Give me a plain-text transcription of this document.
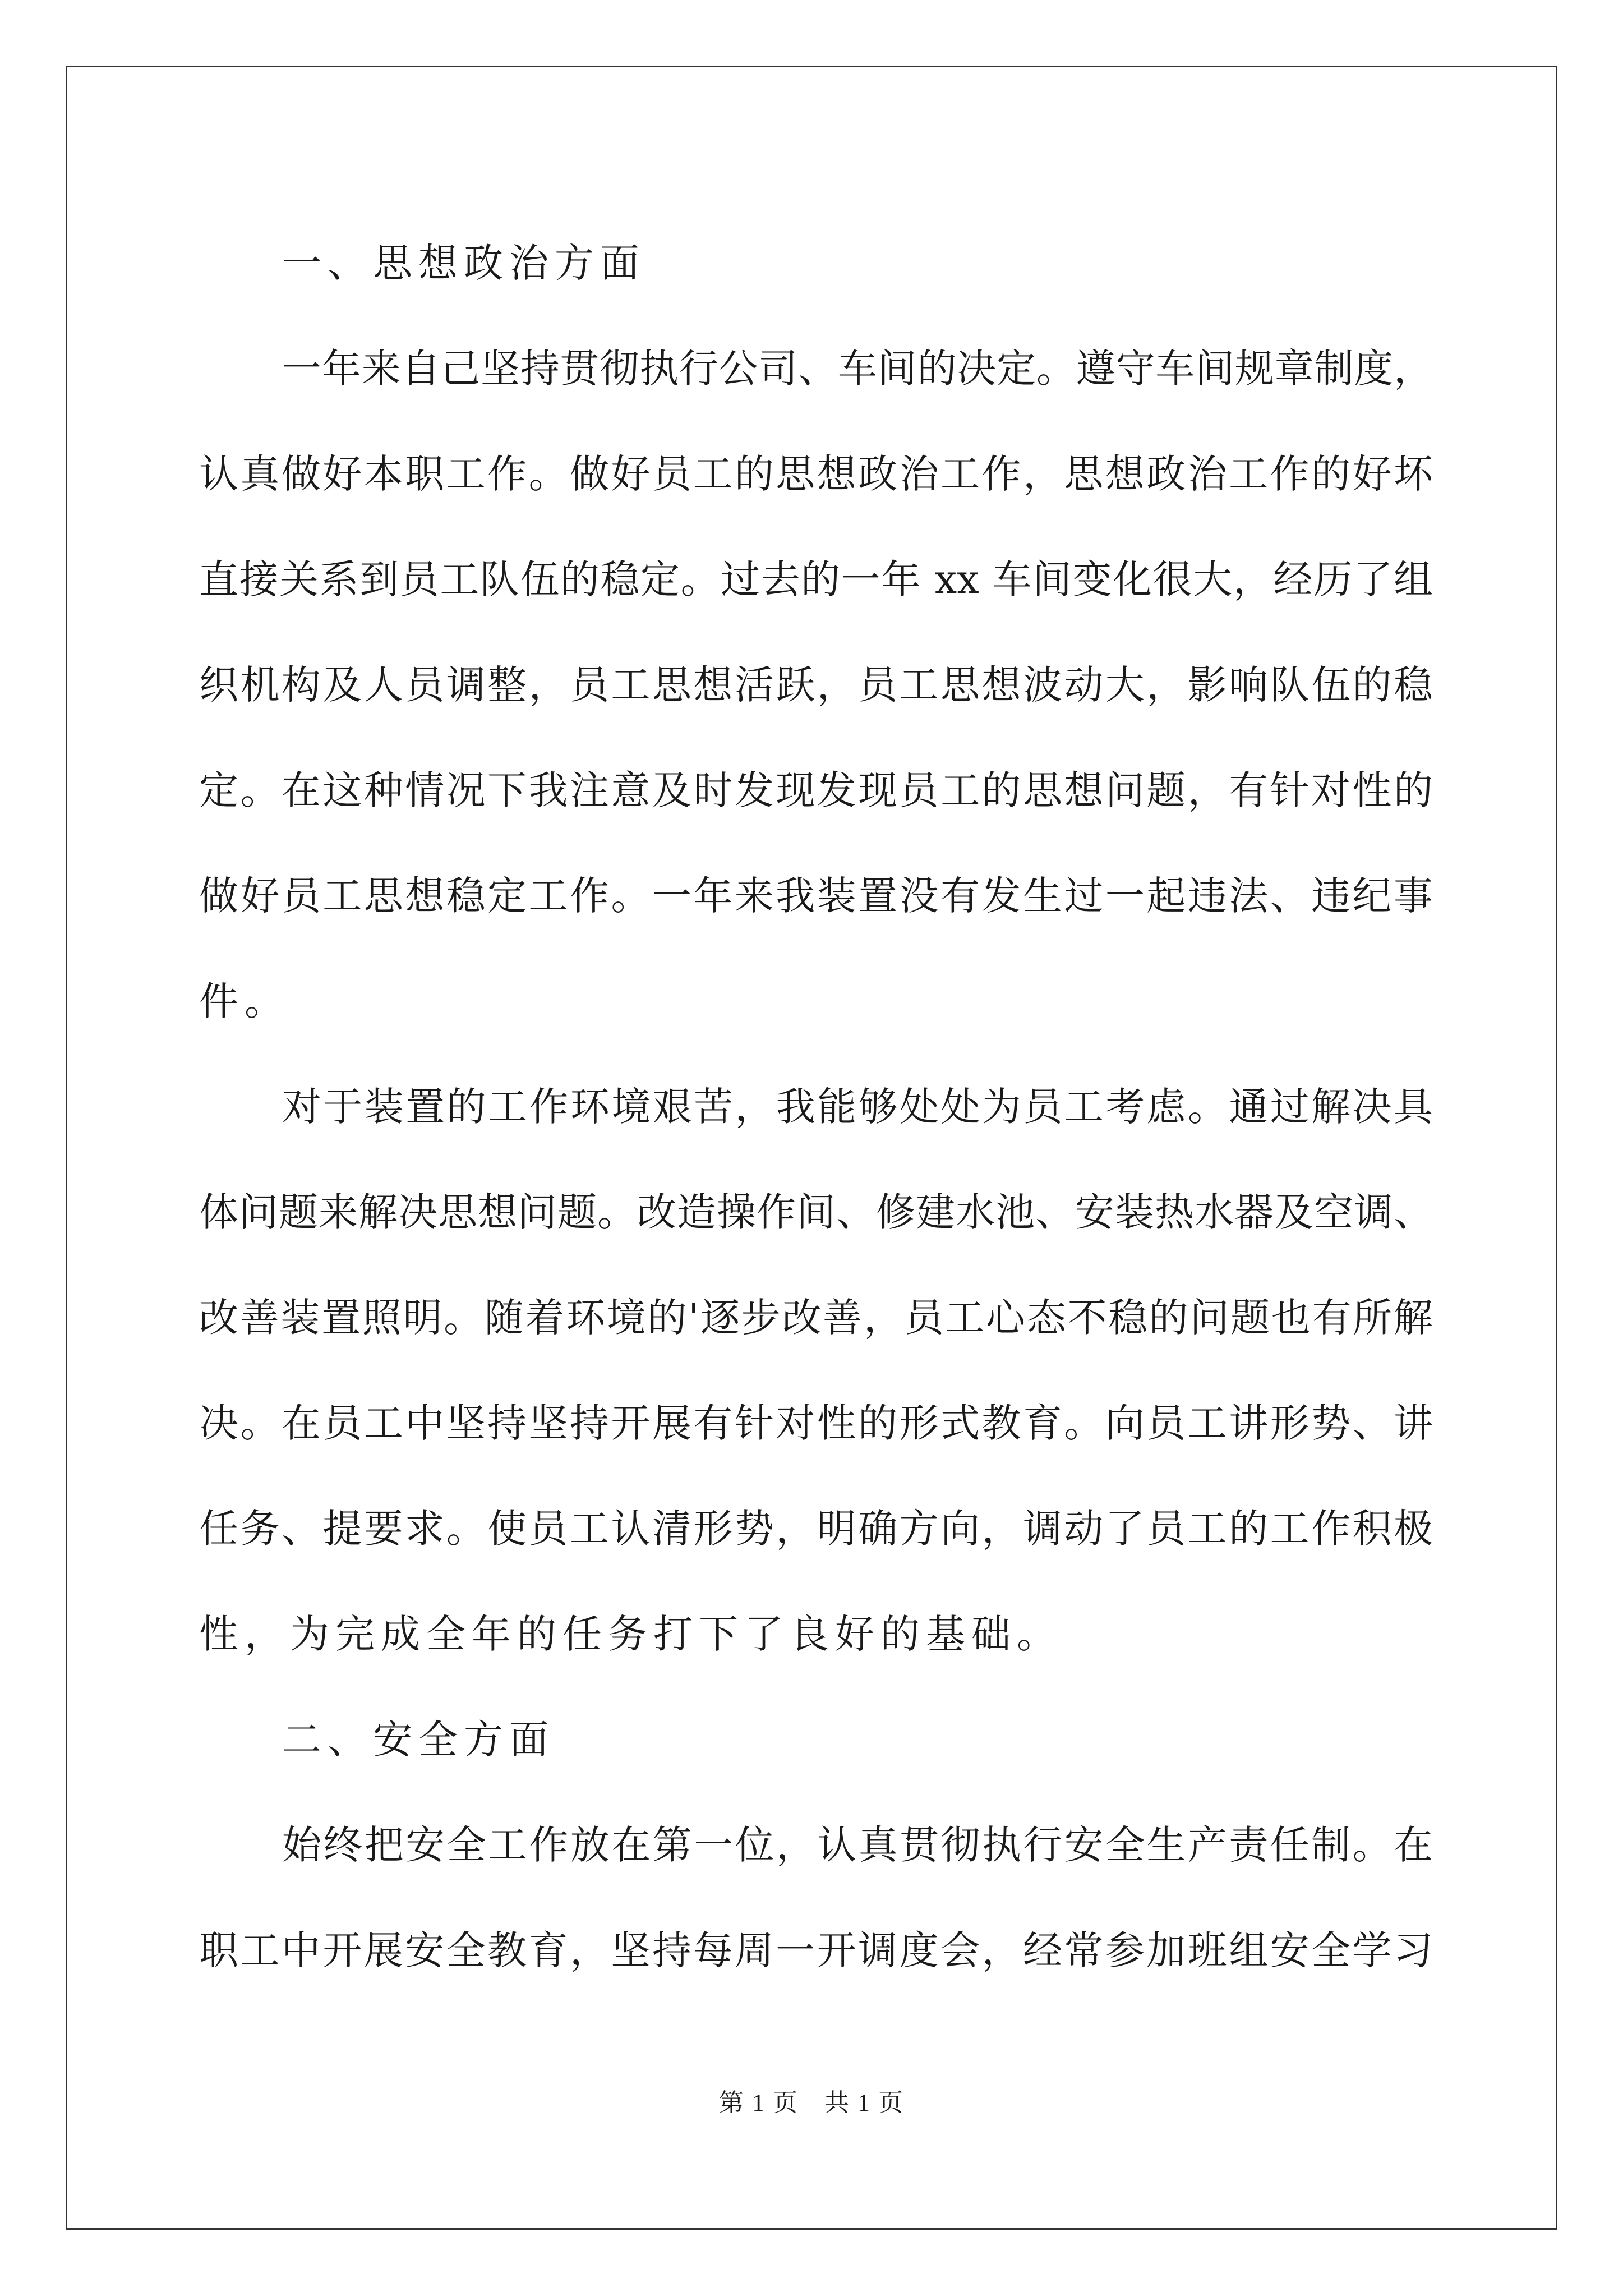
一、思想政治方面
一年来自己坚持贯彻执行公司、车间的决定。遵守车间规章制度，
认真做好本职工作。做好员工的思想政治工作，思想政治工作的好坏
直接关系到员工队伍的稳定。过去的一年 xx 车间变化很大，经历了组
织机构及人员调整，员工思想活跃，员工思想波动大，影响队伍的稳
定。在这种情况下我注意及时发现发现员工的思想问题，有针对性的
做好员工思想稳定工作。一年来我装置没有发生过一起违法、违纪事
件。
对于装置的工作环境艰苦，我能够处处为员工考虑。通过解决具
体问题来解决思想问题。改造操作间、修建水池、安装热水器及空调、
改善装置照明。随着环境的'逐步改善，员工心态不稳的问题也有所解
决。在员工中坚持坚持开展有针对性的形式教育。向员工讲形势、讲
任务、提要求。使员工认清形势，明确方向，调动了员工的工作积极
性，为完成全年的任务打下了良好的基础。
二、安全方面
始终把安全工作放在第一位，认真贯彻执行安全生产责任制。在
职工中开展安全教育，坚持每周一开调度会，经常参加班组安全学习
第 1 页　共 1 页
